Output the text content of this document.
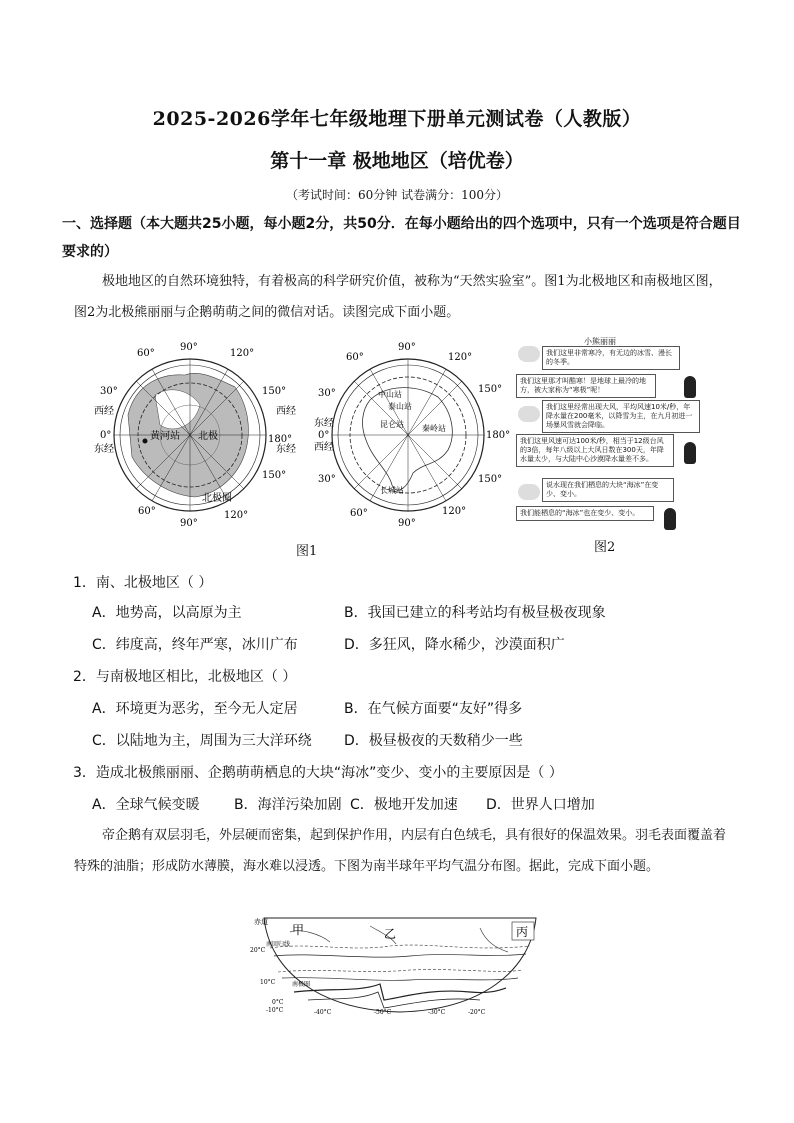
2025-2026学年七年级地理下册单元测试卷（人教版）
第十一章 极地地区（培优卷）
（考试时间：60分钟 试卷满分：100分）
一、选择题（本大题共25小题，每小题2分，共50分．在每小题给出的四个选项中，只有一个选项是符合题目要求的）
极地地区的自然环境独特，有着极高的科学研究价值，被称为“天然实验室”。图1为北极地区和南极地区图，图2为北极熊丽丽与企鹅萌萌之间的微信对话。读图完成下面小题。
黄河站 北极
北极圈
60°
90°
120°
150°
180°
150°
120°
90°
60°
30°
西经
0°
东经
西经
东经
中山站
泰山站
昆仑站 秦岭站
长城站
90°
120°
150°
180°
150°
120°
90°
60°
30°
60°
30°
东经
0°
西经
图1
小熊丽丽
我们这里非常寒冷，有无边的冰雪、漫长的冬季。
我们这里那才叫酷寒！是地球上最冷的地方，被大家称为“寒极”呢！
我们这里经常出现大风，平均风速10米/秒，年降水量在200毫米，以降雪为主，在九月初进一场暴风雪就会降临。
我们这里风速可达100米/秒，相当于12级台风的3倍，每年八级以上大风日数在300天，年降水量太少，与大陆中心沙漠降水量差不多。
说水现在我们栖息的大块“海冰”在变少、变小。
我们能栖息的“海冰”也在变少、变小。
图2
1．南、北极地区（ ）
A．地势高，以高原为主	B．我国已建立的科考站均有极昼极夜现象
C．纬度高，终年严寒，冰川广布	D．多狂风，降水稀少，沙漠面积广
2．与南极地区相比，北极地区（ ）
A．环境更为恶劣，至今无人定居	B．在气候方面要“友好”得多
C．以陆地为主，周围为三大洋环绕 D．极昼极夜的天数稍少一些
3．造成北极熊丽丽、企鹅萌萌栖息的大块“海冰”变少、变小的主要原因是（ ）
A．全球气候变暖 B．海洋污染加剧 C．极地开发加速 D．世界人口增加
帝企鹅有双层羽毛，外层硬而密集，起到保护作用，内层有白色绒毛，具有很好的保温效果。羽毛表面覆盖着特殊的油脂；形成防水薄膜，海水难以浸透。下图为南半球年平均气温分布图。据此，完成下面小题。
赤道
南回归线
南极圈
甲	乙	丙
20°C
10°C
0°C
-10°C	-40°C	-50°C	-30°C	-20°C
